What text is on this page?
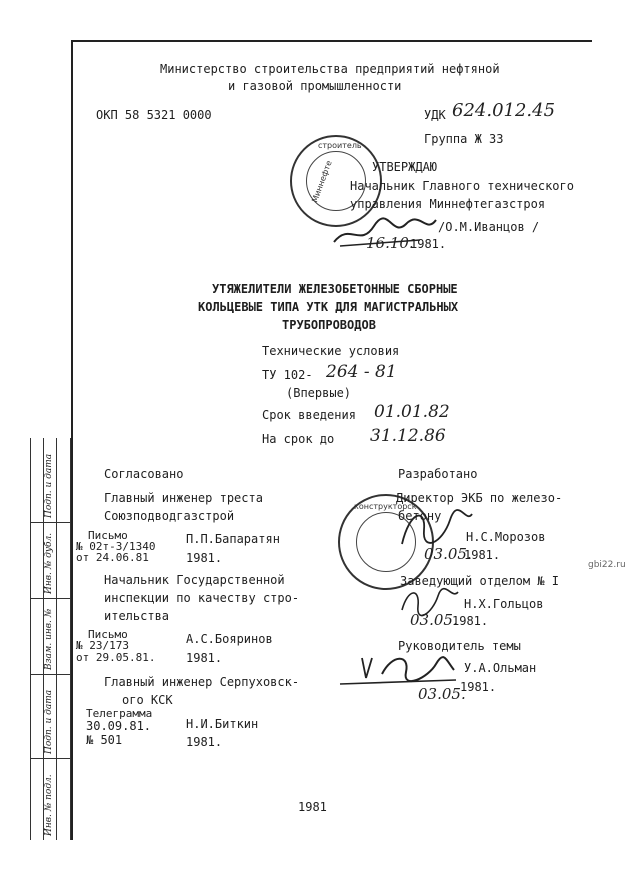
Министерство строительства предприятий нефтяной
и газовой промышленности
ОКП 58 5321 0000	УДК 624.012.45
Группа Ж 33
строитель
Миннефте	УТВЕРЖДАЮ
Начальник Главного технического
управления Миннефтегазстроя
/О.М.Иванцов /
16.10.
1981.
УТЯЖЕЛИТЕЛИ ЖЕЛЕЗОБЕТОННЫЕ СБОРНЫЕ
КОЛЬЦЕВЫЕ ТИПА УТК ДЛЯ МАГИСТРАЛЬНЫХ
ТРУБОПРОВОДОВ
Технические условия
ТУ 102- 264 - 81
(Впервые)
Срок введения 01.01.82
На срок до 31.12.86
Согласовано
Главный инженер треста
Союзподводгазстрой
Письмо
№ 02т-3/1340
от 24.06.81
П.П.Бапаратян
1981.
Начальник Государственной
инспекции по качеству стро-
ительства
Письмо
№ 23/173
от 29.05.81.
А.С.Бояринов
1981.
Главный инженер Серпуховск-
ого КСК
Телеграмма
30.09.81.
№ 501
Н.И.Биткин
1981.
Разработано
конструкторск
Директор ЭКБ по железо-
бетону
Н.С.Морозов
03.05.
1981.
Заведующий отделом № I
Н.Х.Гольцов
03.05.
1981.
Руководитель темы
У.А.Ольман
03.05.
1981.
1981
Подп. и дата
Инв. № дубл.
Взам. инв. №
Подп. и дата
Инв. № подл.
gbi22.ru
